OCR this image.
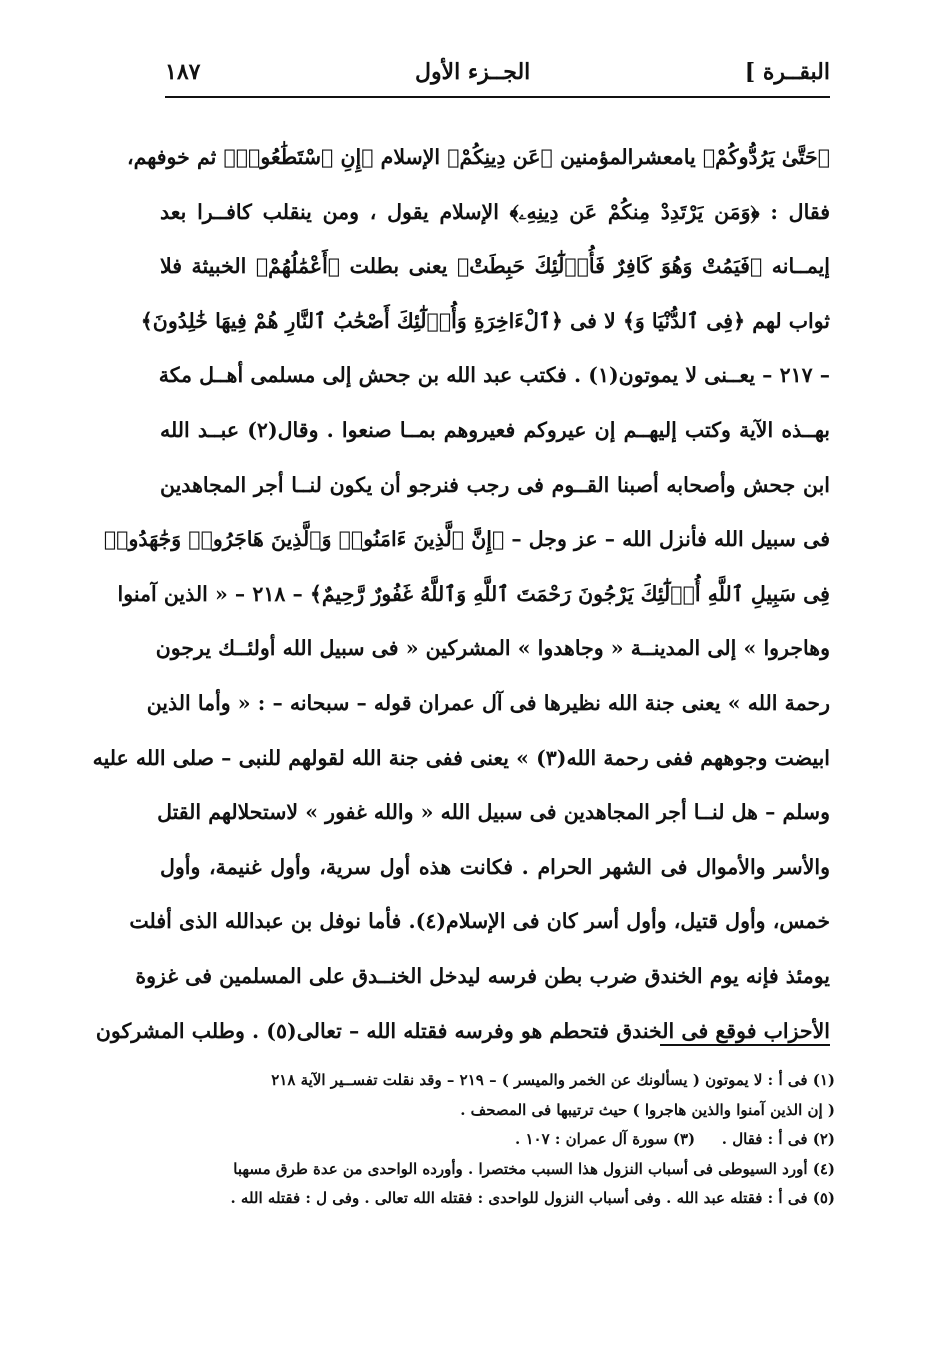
البقــرة ]
الجــزء الأول
١٨٧
﴿حَتَّىٰ يَرُدُّوكُمْ﴾ يامعشرالمؤمنين ﴿عَن دِينِكُمْ﴾ الإسلام ﴿إِنِ ٱسْتَطَٰعُوا۟﴾ ثم خوفهم،
فقال : ﴿وَمَن يَرْتَدِدْ مِنكُمْ عَن دِينِهِۦ﴾ الإسلام يقول ، ومن ينقلب كافــرا بعد
إيمــانه ﴿فَيَمُتْ وَهُوَ كَافِرٌ فَأُو۟لَٰٓئِكَ حَبِطَتْ﴾ يعنى بطلت ﴿أَعْمَٰلُهُمْ﴾ الخبيثة فلا
ثواب لهم ﴿فِى ٱلدُّنْيَا وَ﴾ لا فى ﴿ٱلْءَاخِرَةِ وَأُو۟لَٰٓئِكَ أَصْحَٰبُ ٱلنَّارِ هُمْ فِيهَا خَٰلِدُونَ﴾
– ٢١٧ – يعــنى لا يموتون(١) . فكتب عبد الله بن جحش إلى مسلمى أهــل مكة
بهــذه الآية وكتب إليهــم إن عيروكم فعيروهم بمــا صنعوا . وقال(٢) عبــد الله
ابن جحش وأصحابه أصبنا القــوم فى رجب فنرجو أن يكون لنــا أجر المجاهدين
فى سبيل الله فأنزل الله – عز وجل – ﴿إِنَّ ٱلَّذِينَ ءَامَنُوا۟ وَٱلَّذِينَ هَاجَرُوا۟ وَجَٰهَدُوا۟
فِى سَبِيلِ ٱللَّهِ أُو۟لَٰٓئِكَ يَرْجُونَ رَحْمَتَ ٱللَّهِ وَٱللَّهُ غَفُورٌ رَّحِيمٌ﴾ – ٢١٨ – « الذين آمنوا
وهاجروا » إلى المدينــة « وجاهدوا » المشركين « فى سبيل الله أولئــك يرجون
رحمة الله » يعنى جنة الله نظيرها فى آل عمران قوله – سبحانه – : « وأما الذين
ابيضت وجوههم ففى رحمة الله(٣) » يعنى ففى جنة الله لقولهم للنبى – صلى الله عليه
وسلم – هل لنــا أجر المجاهدين فى سبيل الله « والله غفور » لاستحلالهم القتل
والأسر والأموال فى الشهر الحرام . فكانت هذه أول سرية، وأول غنيمة، وأول
خمس، وأول قتيل، وأول أسر كان فى الإسلام(٤). فأما نوفل بن عبدالله الذى أفلت
يومئذ فإنه يوم الخندق ضرب بطن فرسه ليدخل الخنــدق على المسلمين فى غزوة
الأحزاب فوقع فى الخندق فتحطم هو وفرسه فقتله الله – تعالى(٥) . وطلب المشركون
(١) فى أ : لا يموتون ( يسألونك عن الخمر والميسر ) – ٢١٩ – وقد نقلت تفســير الآية ٢١٨
( إن الذين آمنوا والذين هاجروا ) حيث ترتيبها فى المصحف .
(٢) فى أ : فقال .
(٣) سورة آل عمران : ١٠٧ .
(٤) أورد السيوطى فى أسباب النزول هذا السبب مختصرا . وأورده الواحدى من عدة طرق مسهبا
(٥) فى أ : فقتله عبد الله . وفى أسباب النزول للواحدى : فقتله الله تعالى . وفى ل : فقتله الله .
